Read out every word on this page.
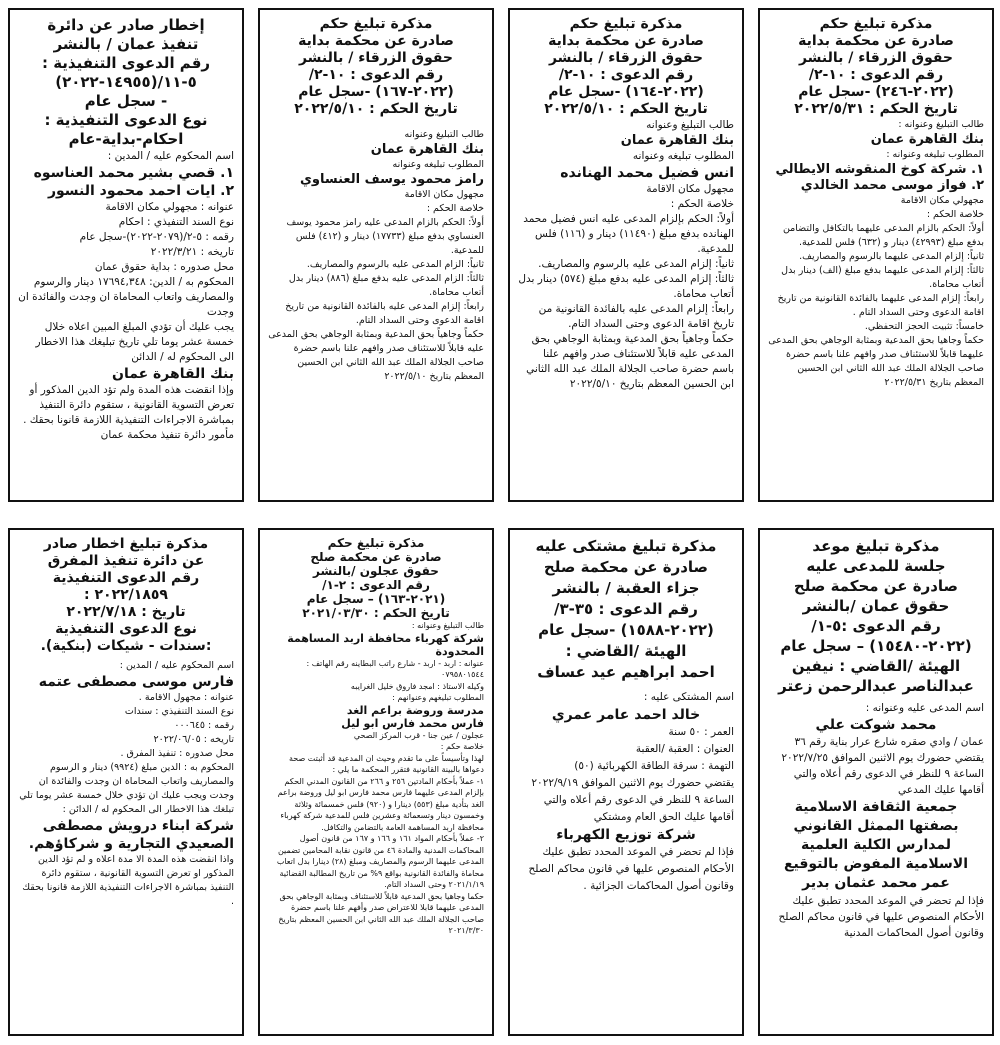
إخطار صادر عن دائرة
تنفيذ عمان / بالنشر
رقم الدعوى التنفيذية :
٥-١١/(١٤٩٥٥-٢٠٢٢)
- سجل عام
نوع الدعوى التنفيذية :
احكام-بداية-عام
اسم المحكوم عليه / المدين :
١. قصي بشير محمد العناسوه
٢. ايات احمد محمود النسور
عنوانه : مجهولي مكان الاقامة
نوع السند التنفيذي : احكام
رقمه : ٥-٢/(٢٠٧٩-٢٠٢٢)-سجل عام
تاريخه : ٢٠٢٢/٣/٢١
محل صدوره : بداية حقوق عمان
المحكوم به / الدين: ١٧٦٩٤,٣٤٨ دينار والرسوم والمصاريف واتعاب المحاماة ان وجدت والفائدة ان وجدت
يجب عليك أن تؤدي المبلغ المبين اعلاه خلال خمسة عشر يوما تلي تاريخ تبليغك هذا الاخطار الى المحكوم له / الدائن
بنك القاهرة عمان
وإذا انقضت هذه المدة ولم تؤد الدين المذكور أو تعرض التسوية القانونية ، ستقوم دائرة التنفيذ بمباشرة الاجراءات التنفيذية اللازمة قانونا بحقك .
مأمور دائرة تنفيذ محكمة عمان
مذكرة تبليغ حكم
صادرة عن محكمة بداية
حقوق الزرقاء / بالنشر
رقم الدعوى : ١٠-٢/
(٢٠٢٢-١٦٧) -سجل عام
تاريخ الحكم : ٢٠٢٢/٥/١٠
طالب التبليغ وعنوانه
بنك القاهرة عمان
المطلوب تبليغه وعنوانه
رامز محمود يوسف العنساوي
مجهول مكان الاقامة
خلاصة الحكم :
أولاً: الحكم بالزام المدعى عليه رامز محمود يوسف العنساوي بدفع مبلغ (١٧٧٣٣) دينار و (٤١٢) فلس للمدعية.
ثانياً: الزام المدعى عليه بالرسوم والمصاريف.
ثالثاً: الزام المدعى عليه بدفع مبلغ (٨٨٦) دينار بدل أتعاب محاماة.
رابعاً: إلزام المدعى عليه بالفائدة القانونية من تاريخ اقامة الدعوى وحتى السداد التام.
حكماً وجاهياً بحق المدعية وبمثابة الوجاهي بحق المدعى عليه قابلاً للاستئناف صدر وافهم علنا باسم حضرة صاحب الجلالة الملك عبد الله الثاني ابن الحسين المعظم بتاريخ ٢٠٢٢/٥/١٠
مذكرة تبليغ حكم
صادرة عن محكمة بداية
حقوق الزرقاء / بالنشر
رقم الدعوى : ١٠-٢/
(٢٠٢٢-١٦٤) -سجل عام
تاريخ الحكم : ٢٠٢٢/٥/١٠
طالب التبليغ وعنوانه
بنك القاهرة عمان
المطلوب تبليغه وعنوانه
انس فضيل محمد الهنانده
مجهول مكان الاقامة
خلاصة الحكم :
أولاً: الحكم بإلزام المدعى عليه انس فضيل محمد الهنانده بدفع مبلغ (١١٤٩٠) دينار و (١١٦) فلس للمدعية.
ثانياً: إلزام المدعى عليه بالرسوم والمصاريف.
ثالثاً: إلزام المدعى عليه بدفع مبلغ (٥٧٤) دينار بدل أتعاب محاماة.
رابعاً: إلزام المدعى عليه بالفائدة القانونية من تاريخ اقامة الدعوى وحتى السداد التام.
حكماً وجاهياً بحق المدعية وبمثابة الوجاهي بحق المدعى عليه قابلاً للاستئناف صدر وافهم علنا باسم حضرة صاحب الجلالة الملك عبد الله الثاني ابن الحسين المعظم بتاريخ ٢٠٢٢/٥/١٠
مذكرة تبليغ حكم
صادرة عن محكمة بداية
حقوق الزرقاء / بالنشر
رقم الدعوى : ١٠-٢/
(٢٠٢٢-٢٤٦) -سجل عام
تاريخ الحكم : ٢٠٢٢/٥/٣١
طالب التبليغ وعنوانه :
بنك القاهرة عمان
المطلوب تبليغه وعنوانه :
١. شركة كوخ المنقوشه الايطالي
٢. فواز موسى محمد الخالدي
مجهولي مكان الاقامة
خلاصة الحكم :
أولاً: الحكم بالزام المدعى عليهما بالتكافل والتضامن بدفع مبلغ (٤٢٩٩٣) دينار و (٦٣٢) فلس للمدعية.
ثانياً: إلزام المدعى عليهما بالرسوم والمصاريف.
ثالثاً: إلزام المدعى عليهما بدفع مبلغ (الف) دينار بدل أتعاب محاماة.
رابعاً: إلزام المدعى عليهما بالفائدة القانونية من تاريخ اقامة الدعوى وحتى السداد التام .
خامساً: تثبيت الحجز التحفظي.
حكماً وجاهيا بحق المدعية وبمثابة الوجاهي بحق المدعى عليهما قابلاً للاستئناف صدر وافهم علنا باسم حضرة صاحب الجلالة الملك عبد الله الثاني ابن الحسين المعظم بتاريخ ٢٠٢٢/٥/٣١
مذكرة تبليغ اخطار صادر
عن دائرة تنفيذ المفرق
رقم الدعوى التنفيذية
٢٠٢٢/١٨٥٩ :
تاريخ : ٢٠٢٢/٧/١٨
نوع الدعوى التنفيذية
:سندات - شيكات (بنكية).
اسم المحكوم عليه / المدين :
فارس موسى مصطفى عتمه
عنوانه : مجهول الاقامة .
نوع السند التنفيذي : سندات
رقمه : ٠٠٠٦٤٥
تاريخه : ٢٠٢٢/٠٦/٠٥
محل صدوره : تنفيذ المفرق .
المحكوم به : الدين مبلغ (٩٩٢٤) دينار و الرسوم والمصاريف واتعاب المحاماة ان وجدت والفائدة ان وجدت ويجب عليك ان تؤدي خلال خمسة عشر يوما تلي تبلغك هذا الاخطار الى المحكوم له / الدائن :
شركة ابناء درويش مصطفى الصعيدي التجارية و شركاؤهم.
واذا انقضت هذه المدة الا مدة اعلاه و لم تؤد الدين المذكور او تعرض التسوية القانونية ، ستقوم دائرة التنفيذ بمباشرة الاجراءات التنفيذية اللازمة قانونا بحقك .
مذكرة تبليغ حكم
صادرة عن محكمة صلح
حقوق عجلون /بالنشر
رقم الدعوى : ٢-١/
(٢٠٢١-١٦٣) – سجل عام
تاريخ الحكم : ٢٠٢١/٠٣/٣٠
طالب التبليغ وعنوانه :
شركة كهرباء محافظة اربد المساهمة المحدودة
عنوانه : اربد - اربد - شارع راتب البطاينه رقم الهاتف : ٠٧٩٥٨٠١٥٤٤
وكيله الاستاذ : امجد فاروق خليل الغرايبه
المطلوب تبليغهم وعنوانهم :
مدرسة وروضة براعم الغد
فارس محمد فارس ابو ليل
عجلون / عين جنا - قرب المركز الصحي
خلاصة حكم :
لهذا وتأسيساً على ما تقدم وحيث ان المدعية قد أثبتت صحة دعواها بالبينة القانونية فتقرر المحكمة ما يلي :
١- عملاً بأحكام المادتين ٢٥٦ و ٢٦٦ من القانون المدني الحكم بإلزام المدعى عليهما فارس محمد فارس ابو ليل وروضة براعم الغد بتأدية مبلغ (٥٥٣) دينارا و (٩٢٠) فلس خمسمائة وثلاثة وخمسون دينار وتسعمائة وعشرين فلس للمدعية شركة كهرباء محافظة اربد المساهمة العامة بالتضامن والتكافل.
٢- عملاً بأحكام المواد ١٦١ و ١٦٦ و ١٦٧ من قانون أصول المحاكمات المدنية والمادة ٤٦ من قانون نقابة المحامين تضمين المدعى عليهما الرسوم والمصاريف ومبلغ (٢٨) دينارا بدل اتعاب محاماة والفائدة القانونية بواقع ٩% من تاريخ المطالبة القضائية ٢٠٢١/١/١٩ وحتى السداد التام.
حكما وجاهيا بحق المدعية قابلاً للاستئناف وبمثابة الوجاهي بحق المدعى عليهما قابلا للاعتراض صدر وأفهم علنا باسم حضرة صاحب الجلالة الملك عبد الله الثاني ابن الحسين المعظم بتاريخ ٢٠٢١/٣/٣٠
مذكرة تبليغ مشتكى عليه
صادرة عن محكمة صلح
جزاء العقبة / بالنشر
رقم الدعوى : ٣٥-٣/
(٢٠٢٢-١٥٨٨) -سجل عام
الهيئة /القاضي :
احمد ابراهيم عيد عساف
اسم المشتكى عليه :
خالد احمد عامر عمري
العمر : ٥٠ سنة
العنوان : العقبة /العقبة
التهمة : سرقة الطاقة الكهربائية (٥٠)
يقتضي حضورك يوم الاثنين الموافق ٢٠٢٢/٩/١٩ الساعة ٩ للنظر في الدعوى رقم أعلاه والتي أقامها عليك الحق العام ومشتكي
شركة توزيع الكهرباء
فإذا لم تحضر في الموعد المحدد تطبق عليك الأحكام المنصوص عليها في قانون محاكم الصلح وقانون أصول المحاكمات الجزائية .
مذكرة تبليغ موعد
جلسة للمدعى عليه
صادرة عن محكمة صلح
حقوق عمان /بالنشر
رقم الدعوى :٥-١/
(٢٠٢٢-١٥٤٨٠) – سجل عام
الهيئة /القاضي : نيفين
عبدالناصر عبدالرحمن زعتر
اسم المدعى عليه وعنوانه :
محمد شوكت علي
عمان / وادي صقره شارع عرار بناية رقم ٣٦
يقتضي حضورك يوم الاثنين الموافق ٢٠٢٢/٧/٢٥ الساعة ٩ للنظر في الدعوى رقم أعلاه والتي أقامها عليك المدعي
جمعية الثقافة الاسلامية بصفتها الممثل القانوني لمدارس الكلية العلمية الاسلامية المفوض بالتوقيع عمر محمد عثمان بدير
فإذا لم تحضر في الموعد المحدد تطبق عليك الأحكام المنصوص عليها في قانون محاكم الصلح وقانون أصول المحاكمات المدنية
